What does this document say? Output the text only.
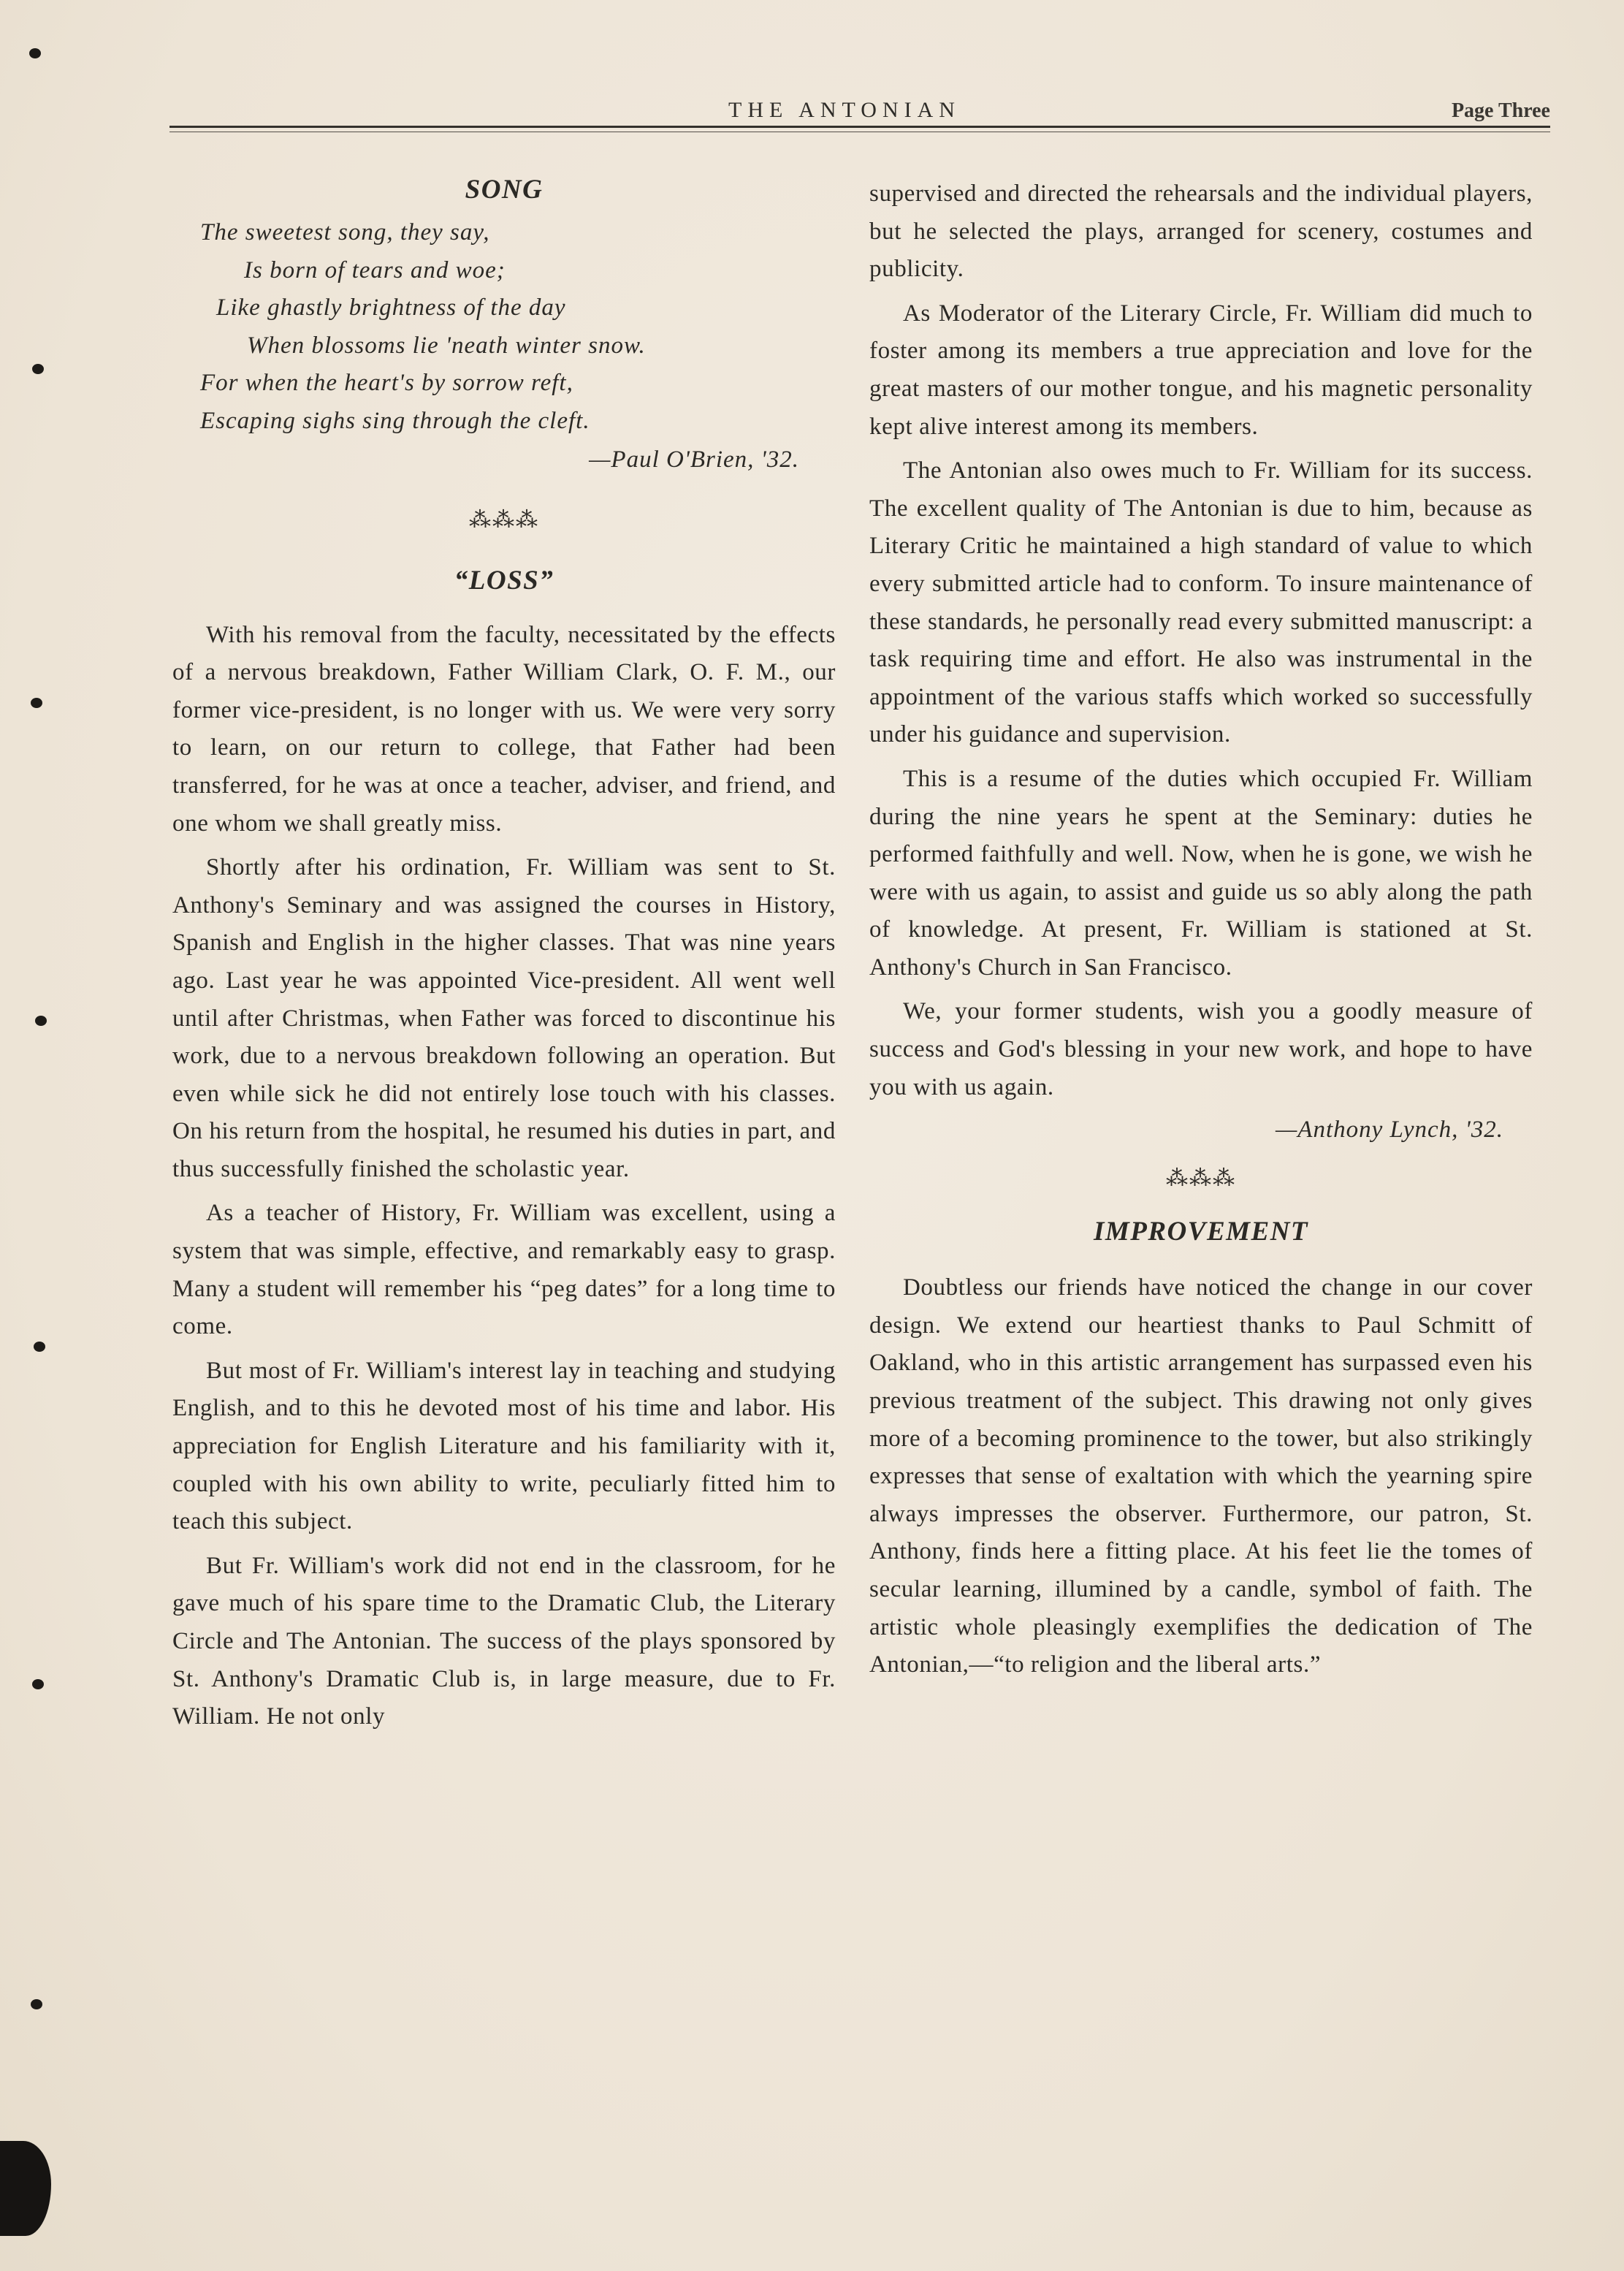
THE ANTONIAN	Page Three
SONG
The sweetest song, they say,
Is born of tears and woe;
Like ghastly brightness of the day
When blossoms lie 'neath winter snow.
For when the heart's by sorrow reft,
Escaping sighs sing through the cleft.
—Paul O'Brien, '32.
⁂⁂⁂
“LOSS”

With his removal from the faculty, necessitated by the effects of a nervous breakdown, Father William Clark, O. F. M., our former vice-president, is no longer with us. We were very sorry to learn, on our return to college, that Father had been transferred, for he was at once a teacher, adviser, and friend, and one whom we shall greatly miss.

Shortly after his ordination, Fr. William was sent to St. Anthony's Seminary and was assigned the courses in History, Spanish and English in the higher classes. That was nine years ago. Last year he was appointed Vice-president. All went well until after Christmas, when Father was forced to discontinue his work, due to a nervous breakdown following an operation. But even while sick he did not entirely lose touch with his classes. On his return from the hospital, he resumed his duties in part, and thus successfully finished the scholastic year.

As a teacher of History, Fr. William was excellent, using a system that was simple, effective, and remarkably easy to grasp. Many a student will remember his “peg dates” for a long time to come.

But most of Fr. William's interest lay in teaching and studying English, and to this he devoted most of his time and labor. His appreciation for English Literature and his familiarity with it, coupled with his own ability to write, peculiarly fitted him to teach this subject.

But Fr. William's work did not end in the classroom, for he gave much of his spare time to the Dramatic Club, the Literary Circle and The Antonian. The success of the plays sponsored by St. Anthony's Dramatic Club is, in large measure, due to Fr. William. He not only

supervised and directed the rehearsals and the individual players, but he selected the plays, arranged for scenery, costumes and publicity.

As Moderator of the Literary Circle, Fr. William did much to foster among its members a true appreciation and love for the great masters of our mother tongue, and his magnetic personality kept alive interest among its members.

The Antonian also owes much to Fr. William for its success. The excellent quality of The Antonian is due to him, because as Literary Critic he maintained a high standard of value to which every submitted article had to conform. To insure maintenance of these standards, he personally read every submitted manuscript: a task requiring time and effort. He also was instrumental in the appointment of the various staffs which worked so successfully under his guidance and supervision.

This is a resume of the duties which occupied Fr. William during the nine years he spent at the Seminary: duties he performed faithfully and well. Now, when he is gone, we wish he were with us again, to assist and guide us so ably along the path of knowledge. At present, Fr. William is stationed at St. Anthony's Church in San Francisco.

We, your former students, wish you a goodly measure of success and God's blessing in your new work, and hope to have you with us again.

—Anthony Lynch, '32.
⁂⁂⁂
IMPROVEMENT

Doubtless our friends have noticed the change in our cover design. We extend our heartiest thanks to Paul Schmitt of Oakland, who in this artistic arrangement has surpassed even his previous treatment of the subject. This drawing not only gives more of a becoming prominence to the tower, but also strikingly expresses that sense of exaltation with which the yearning spire always impresses the observer. Furthermore, our patron, St. Anthony, finds here a fitting place. At his feet lie the tomes of secular learning, illumined by a candle, symbol of faith. The artistic whole pleasingly exemplifies the dedication of The Antonian,—“to religion and the liberal arts.”
